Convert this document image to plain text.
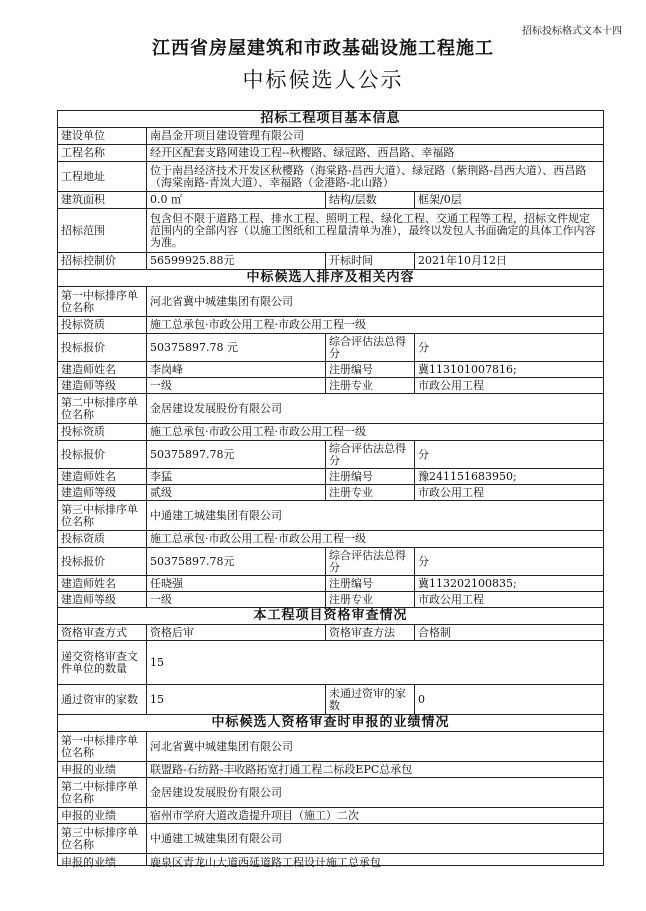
招标投标格式文本十四
江西省房屋建筑和市政基础设施工程施工
中标候选人公示
招标工程项目基本信息			
建设单位	南昌金开项目建设管理有限公司		
工程名称	经开区配套支路网建设工程--秋樱路、绿冠路、西昌路、幸福路		
工程地址	位于南昌经济技术开发区秋樱路（海棠路-昌西大道）、绿冠路（紫荆路-昌西大道）、西昌路（海棠南路-青岚大道）、幸福路（金港路-北山路）		
建筑面积	0.0 ㎡	结构/层数	框架/0层
招标范围	包含但不限于道路工程、排水工程、照明工程、绿化工程、交通工程等工程，招标文件规定范围内的全部内容（以施工图纸和工程量清单为准），最终以发包人书面确定的具体工作内容为准。		
招标控制价	56599925.88元	开标时间	2021年10月12日
中标候选人排序及相关内容			
第一中标排序单位名称	河北省冀中城建集团有限公司		
投标资质	施工总承包·市政公用工程·市政公用工程一级		
投标报价	50375897.78 元	综合评估法总得分	分
建造师姓名	李岗峰	注册编号	冀113101007816;
建造师等级	一级	注册专业	市政公用工程
第二中标排序单位名称	金居建设发展股份有限公司		
投标资质	施工总承包·市政公用工程·市政公用工程一级		
投标报价	50375897.78元	综合评估法总得分	分
建造师姓名	李猛	注册编号	豫241151683950;
建造师等级	贰级	注册专业	市政公用工程
第三中标排序单位名称	中通建工城建集团有限公司		
投标资质	施工总承包·市政公用工程·市政公用工程一级		
投标报价	50375897.78元	综合评估法总得分	分
建造师姓名	任晓强	注册编号	冀113202100835;
建造师等级	一级	注册专业	市政公用工程
本工程项目资格审查情况			
资格审查方式	资格后审	资格审查方法	合格制
递交资格审查文件单位的数量	15		
通过资审的家数	15	未通过资审的家数	0
中标候选人资格审查时申报的业绩情况			
第一中标排序单位名称	河北省冀中城建集团有限公司		
申报的业绩	联盟路-石纺路-丰收路拓宽打通工程二标段EPC总承包		
第二中标排序单位名称	金居建设发展股份有限公司		
申报的业绩	宿州市学府大道改造提升项目（施工）二次		
第三中标排序单位名称	中通建工城建集团有限公司		

申报的业绩	鹿泉区青龙山大道西延道路工程设计施工总承包		
